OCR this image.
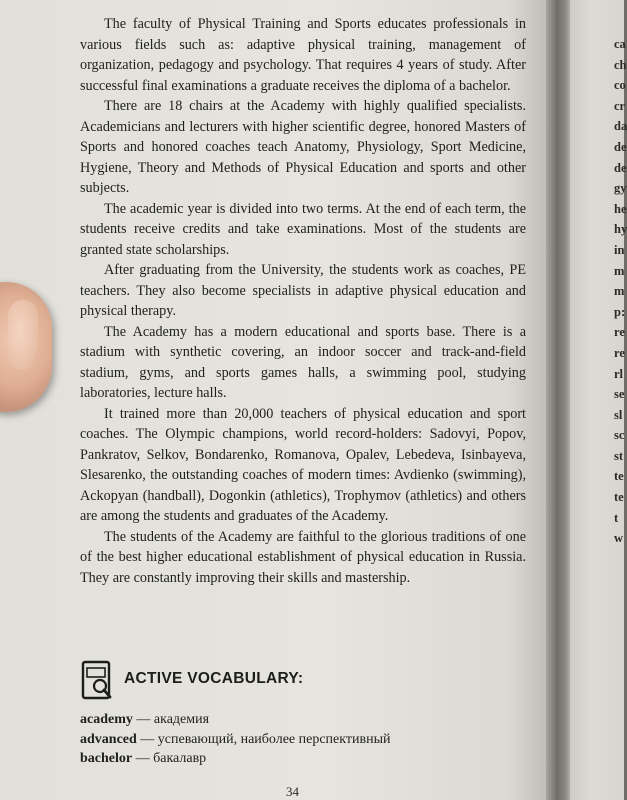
ca
ch
co
cr
da
de
de
gy
he
hy
in
m
m
p:
re
re
rl
se
sl
sc
st
te
te
t
w

The faculty of Physical Training and Sports educates professionals in various fields such as: adaptive physical training, management of organization, pedagogy and psychology. That requires 4 years of study. After successful final examinations a graduate receives the diploma of a bachelor.

There are 18 chairs at the Academy with highly qualified specialists. Academicians and lecturers with higher scientific degree, honored Masters of Sports and honored coaches teach Anatomy, Physiology, Sport Medicine, Hygiene, Theory and Methods of Physical Education and sports and other subjects.

The academic year is divided into two terms. At the end of each term, the students receive credits and take examinations. Most of the students are granted state scholarships.

After graduating from the University, the students work as coaches, PE teachers. They also become specialists in adaptive physical education and physical therapy.

The Academy has a modern educational and sports base. There is a stadium with synthetic covering, an indoor soccer and track-and-field stadium, gyms, and sports games halls, a swimming pool, studying laboratories, lecture halls.

It trained more than 20,000 teachers of physical education and sport coaches. The Olympic champions, world record-holders: Sadovyi, Popov, Pankratov, Selkov, Bondarenko, Romanova, Opalev, Lebedeva, Isinbayeva, Slesarenko, the outstanding coaches of modern times: Avdienko (swimming), Ackopyan (handball), Dogonkin (athletics), Trophymov (athletics) and others are among the students and graduates of the Academy.

The students of the Academy are faithful to the glorious traditions of one of the best higher educational establishment of physical education in Russia. They are constantly improving their skills and mastership.

ACTIVE VOCABULARY:
academy — академия
advanced — успевающий, наиболее перспективный
bachelor — бакалавр
34
